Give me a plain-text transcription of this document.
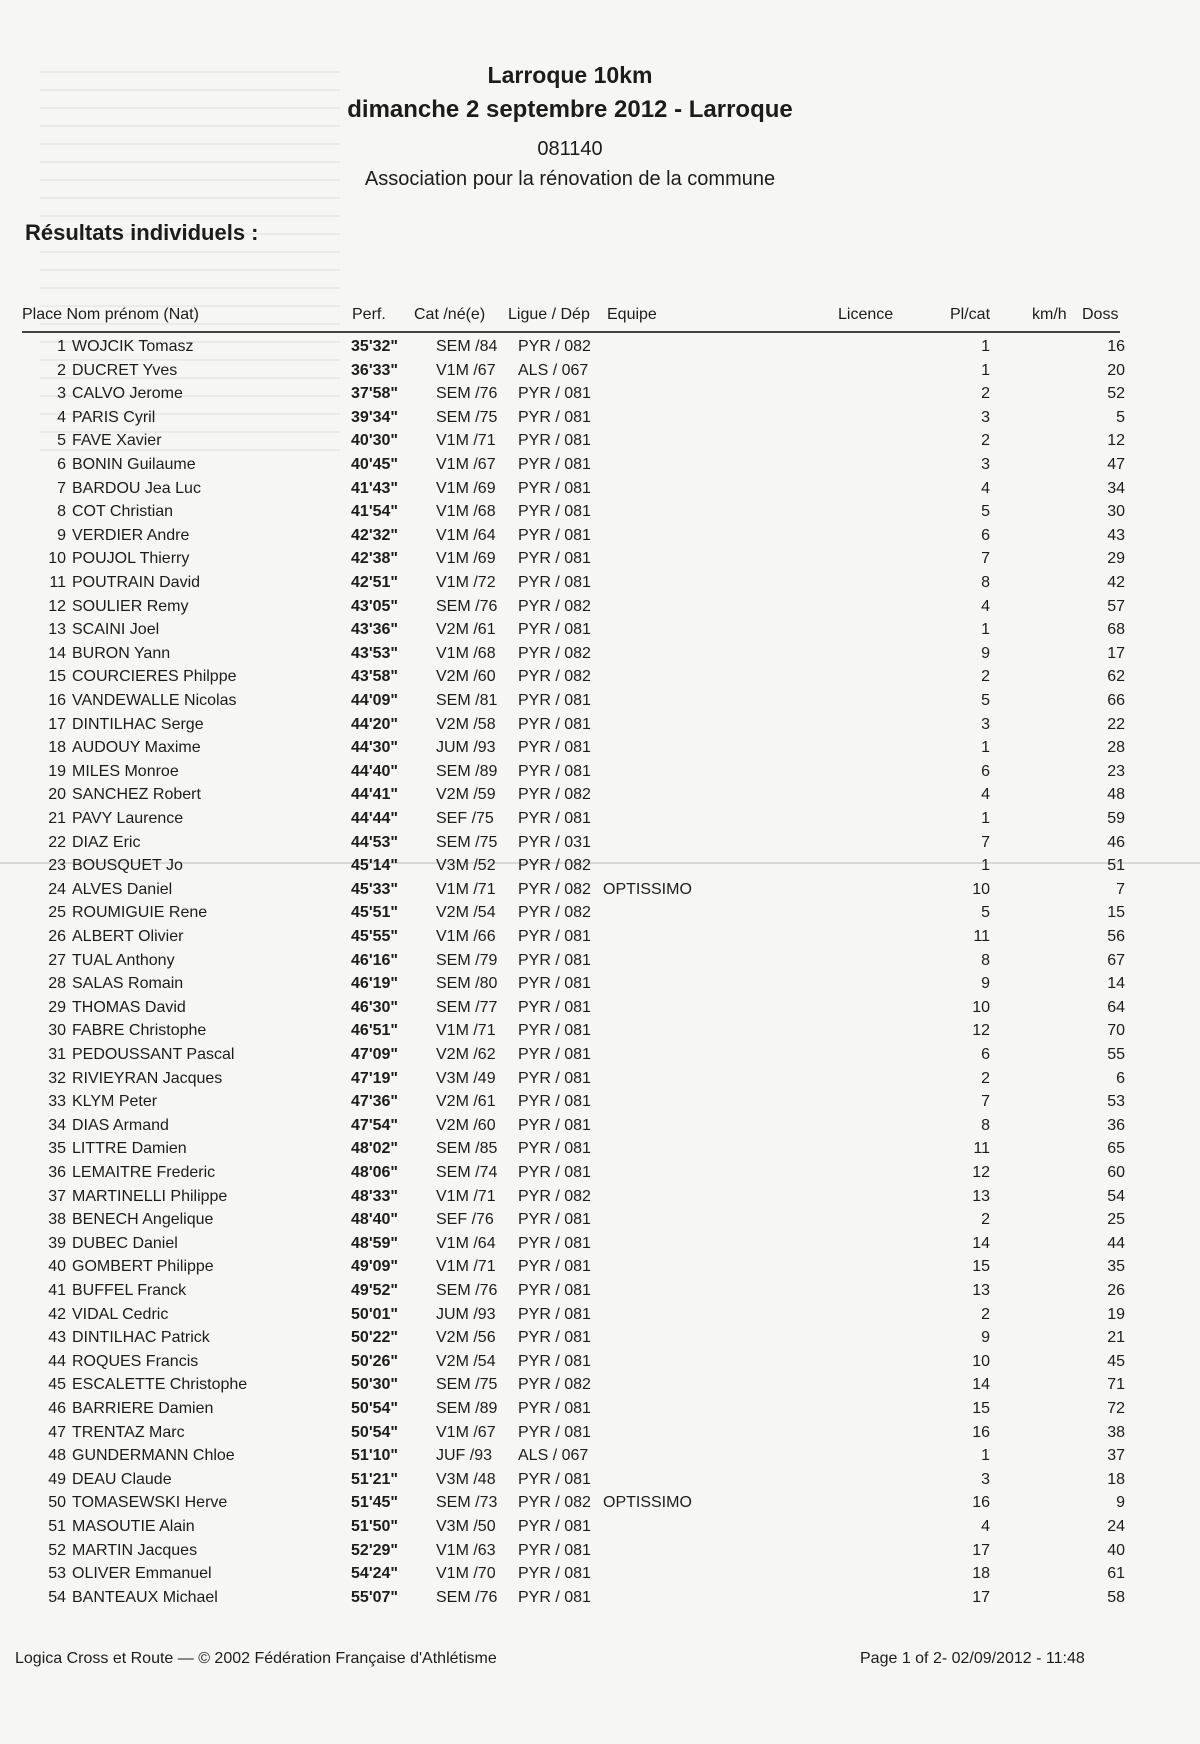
Larroque 10km
dimanche 2 septembre 2012 - Larroque
081140
Association pour la rénovation de la commune
Résultats individuels :
Place Nom prénom (Nat)	Perf. Cat /né(e) Ligue / Dép Equipe	Licence	Pl/cat	km/h Doss
1 WOJCIK Tomasz	35'32" SEM /84 PYR / 082	1	16
2 DUCRET Yves	36'33" V1M /67 ALS / 067	1	20
3 CALVO Jerome	37'58" SEM /76 PYR / 081	2	52
4 PARIS Cyril	39'34" SEM /75 PYR / 081	3	5
5 FAVE Xavier	40'30" V1M /71 PYR / 081	2	12
6 BONIN Guilaume	40'45" V1M /67 PYR / 081	3	47
7 BARDOU Jea Luc	41'43" V1M /69 PYR / 081	4	34
8 COT Christian	41'54" V1M /68 PYR / 081	5	30
9 VERDIER Andre	42'32" V1M /64 PYR / 081	6	43
10 POUJOL Thierry	42'38" V1M /69 PYR / 081	7	29
11 POUTRAIN David	42'51" V1M /72 PYR / 081	8	42
12 SOULIER Remy	43'05" SEM /76 PYR / 082	4	57
13 SCAINI Joel	43'36" V2M /61 PYR / 081	1	68
14 BURON Yann	43'53" V1M /68 PYR / 082	9	17
15 COURCIERES Philppe	43'58" V2M /60 PYR / 082	2	62
16 VANDEWALLE Nicolas	44'09" SEM /81 PYR / 081	5	66
17 DINTILHAC Serge	44'20" V2M /58 PYR / 081	3	22
18 AUDOUY Maxime	44'30" JUM /93 PYR / 081	1	28
19 MILES Monroe	44'40" SEM /89 PYR / 081	6	23
20 SANCHEZ Robert	44'41" V2M /59 PYR / 082	4	48
21 PAVY Laurence	44'44" SEF /75 PYR / 081	1	59
22 DIAZ Eric	44'53" SEM /75 PYR / 031	7	46
23 BOUSQUET Jo	45'14" V3M /52 PYR / 082	1	51
24 ALVES Daniel	45'33" V1M /71 PYR / 082 OPTISSIMO	10	7
25 ROUMIGUIE Rene	45'51" V2M /54 PYR / 082	5	15
26 ALBERT Olivier	45'55" V1M /66 PYR / 081	11	56
27 TUAL Anthony	46'16" SEM /79 PYR / 081	8	67
28 SALAS Romain	46'19" SEM /80 PYR / 081	9	14
29 THOMAS David	46'30" SEM /77 PYR / 081	10	64
30 FABRE Christophe	46'51" V1M /71 PYR / 081	12	70
31 PEDOUSSANT Pascal	47'09" V2M /62 PYR / 081	6	55
32 RIVIEYRAN Jacques	47'19" V3M /49 PYR / 081	2	6
33 KLYM Peter	47'36" V2M /61 PYR / 081	7	53
34 DIAS Armand	47'54" V2M /60 PYR / 081	8	36
35 LITTRE Damien	48'02" SEM /85 PYR / 081	11	65
36 LEMAITRE Frederic	48'06" SEM /74 PYR / 081	12	60
37 MARTINELLI Philippe	48'33" V1M /71 PYR / 082	13	54
38 BENECH Angelique	48'40" SEF /76 PYR / 081	2	25
39 DUBEC Daniel	48'59" V1M /64 PYR / 081	14	44
40 GOMBERT Philippe	49'09" V1M /71 PYR / 081	15	35
41 BUFFEL Franck	49'52" SEM /76 PYR / 081	13	26
42 VIDAL Cedric	50'01" JUM /93 PYR / 081	2	19
43 DINTILHAC Patrick	50'22" V2M /56 PYR / 081	9	21
44 ROQUES Francis	50'26" V2M /54 PYR / 081	10	45
45 ESCALETTE Christophe	50'30" SEM /75 PYR / 082	14	71
46 BARRIERE Damien	50'54" SEM /89 PYR / 081	15	72
47 TRENTAZ Marc	50'54" V1M /67 PYR / 081	16	38
48 GUNDERMANN Chloe	51'10" JUF /93 ALS / 067	1	37
49 DEAU Claude	51'21" V3M /48 PYR / 081	3	18
50 TOMASEWSKI Herve	51'45" SEM /73 PYR / 082 OPTISSIMO	16	9
51 MASOUTIE Alain	51'50" V3M /50 PYR / 081	4	24
52 MARTIN Jacques	52'29" V1M /63 PYR / 081	17	40
53 OLIVER Emmanuel	54'24" V1M /70 PYR / 081	18	61
54 BANTEAUX Michael	55'07" SEM /76 PYR / 081	17	58
Logica Cross et Route — © 2002 Fédération Française d'Athlétisme	Page 1 of 2- 02/09/2012 - 11:48
